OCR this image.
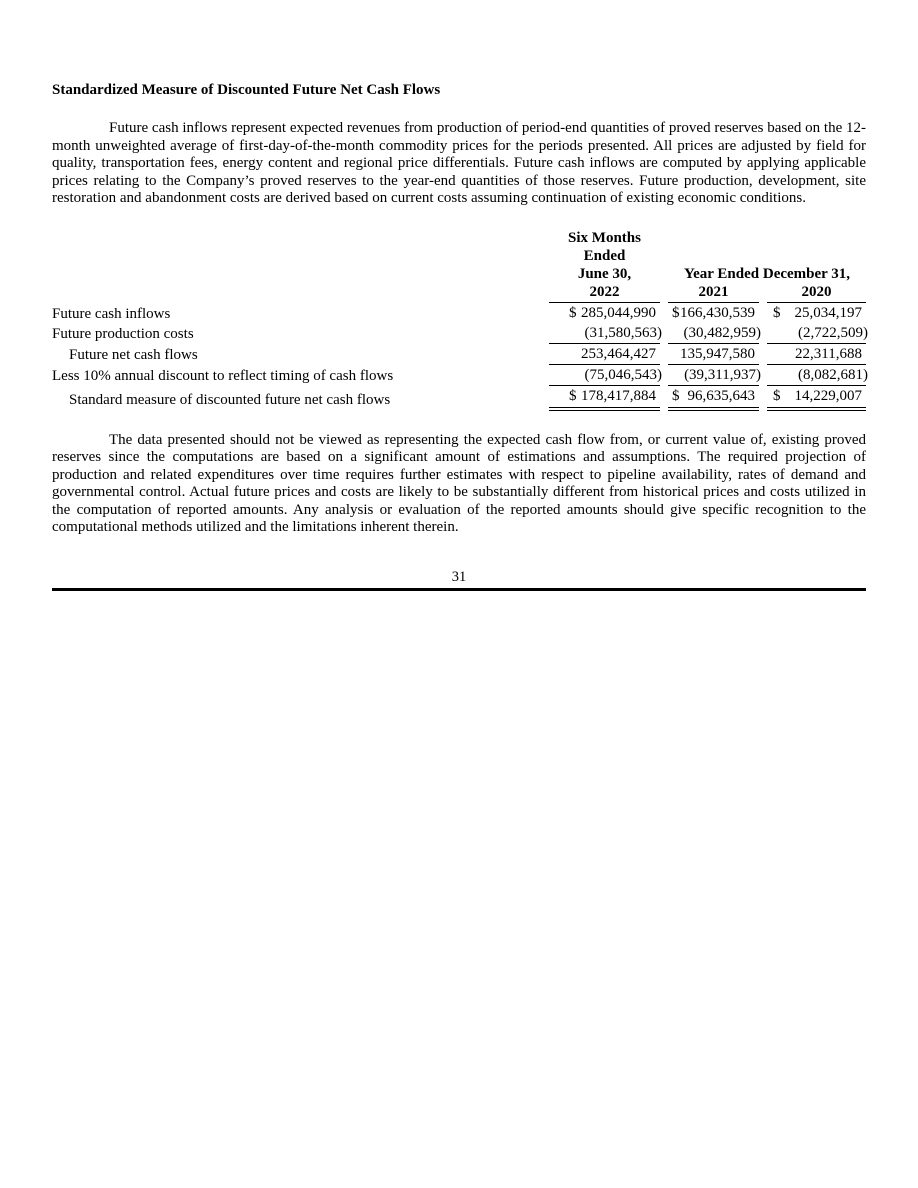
Standardized Measure of Discounted Future Net Cash Flows

Future cash inflows represent expected revenues from production of period-end quantities of proved reserves based on the 12-month unweighted average of first-day-of-the-month commodity prices for the periods presented. All prices are adjusted by field for quality, transportation fees, energy content and regional price differentials. Future cash inflows are computed by applying applicable prices relating to the Company’s proved reserves to the year-end quantities of those reserves. Future production, development, site restoration and abandonment costs are derived based on current costs assuming continuation of existing economic conditions.

		Six Months
Ended
June 30,		Year Ended December 31,		
		2022		2021		2020
Future cash inflows		$ 285,044,990		$ 166,430,539		$ 25,034,197

Future production costs		(31,580,563)		(30,482,959)		(2,722,509)

Future net cash flows		253,464,427		135,947,580		22,311,688

Less 10% annual discount to reflect timing of cash flows		(75,046,543)		(39,311,937)		(8,082,681)

Standard measure of discounted future net cash flows		$ 178,417,884		$ 96,635,643		$ 14,229,007

The data presented should not be viewed as representing the expected cash flow from, or current value of, existing proved reserves since the computations are based on a significant amount of estimations and assumptions. The required projection of production and related expenditures over time requires further estimates with respect to pipeline availability, rates of demand and governmental control. Actual future prices and costs are likely to be substantially different from historical prices and costs utilized in the computation of reported amounts. Any analysis or evaluation of the reported amounts should give specific recognition to the computational methods utilized and the limitations inherent therein.

31
